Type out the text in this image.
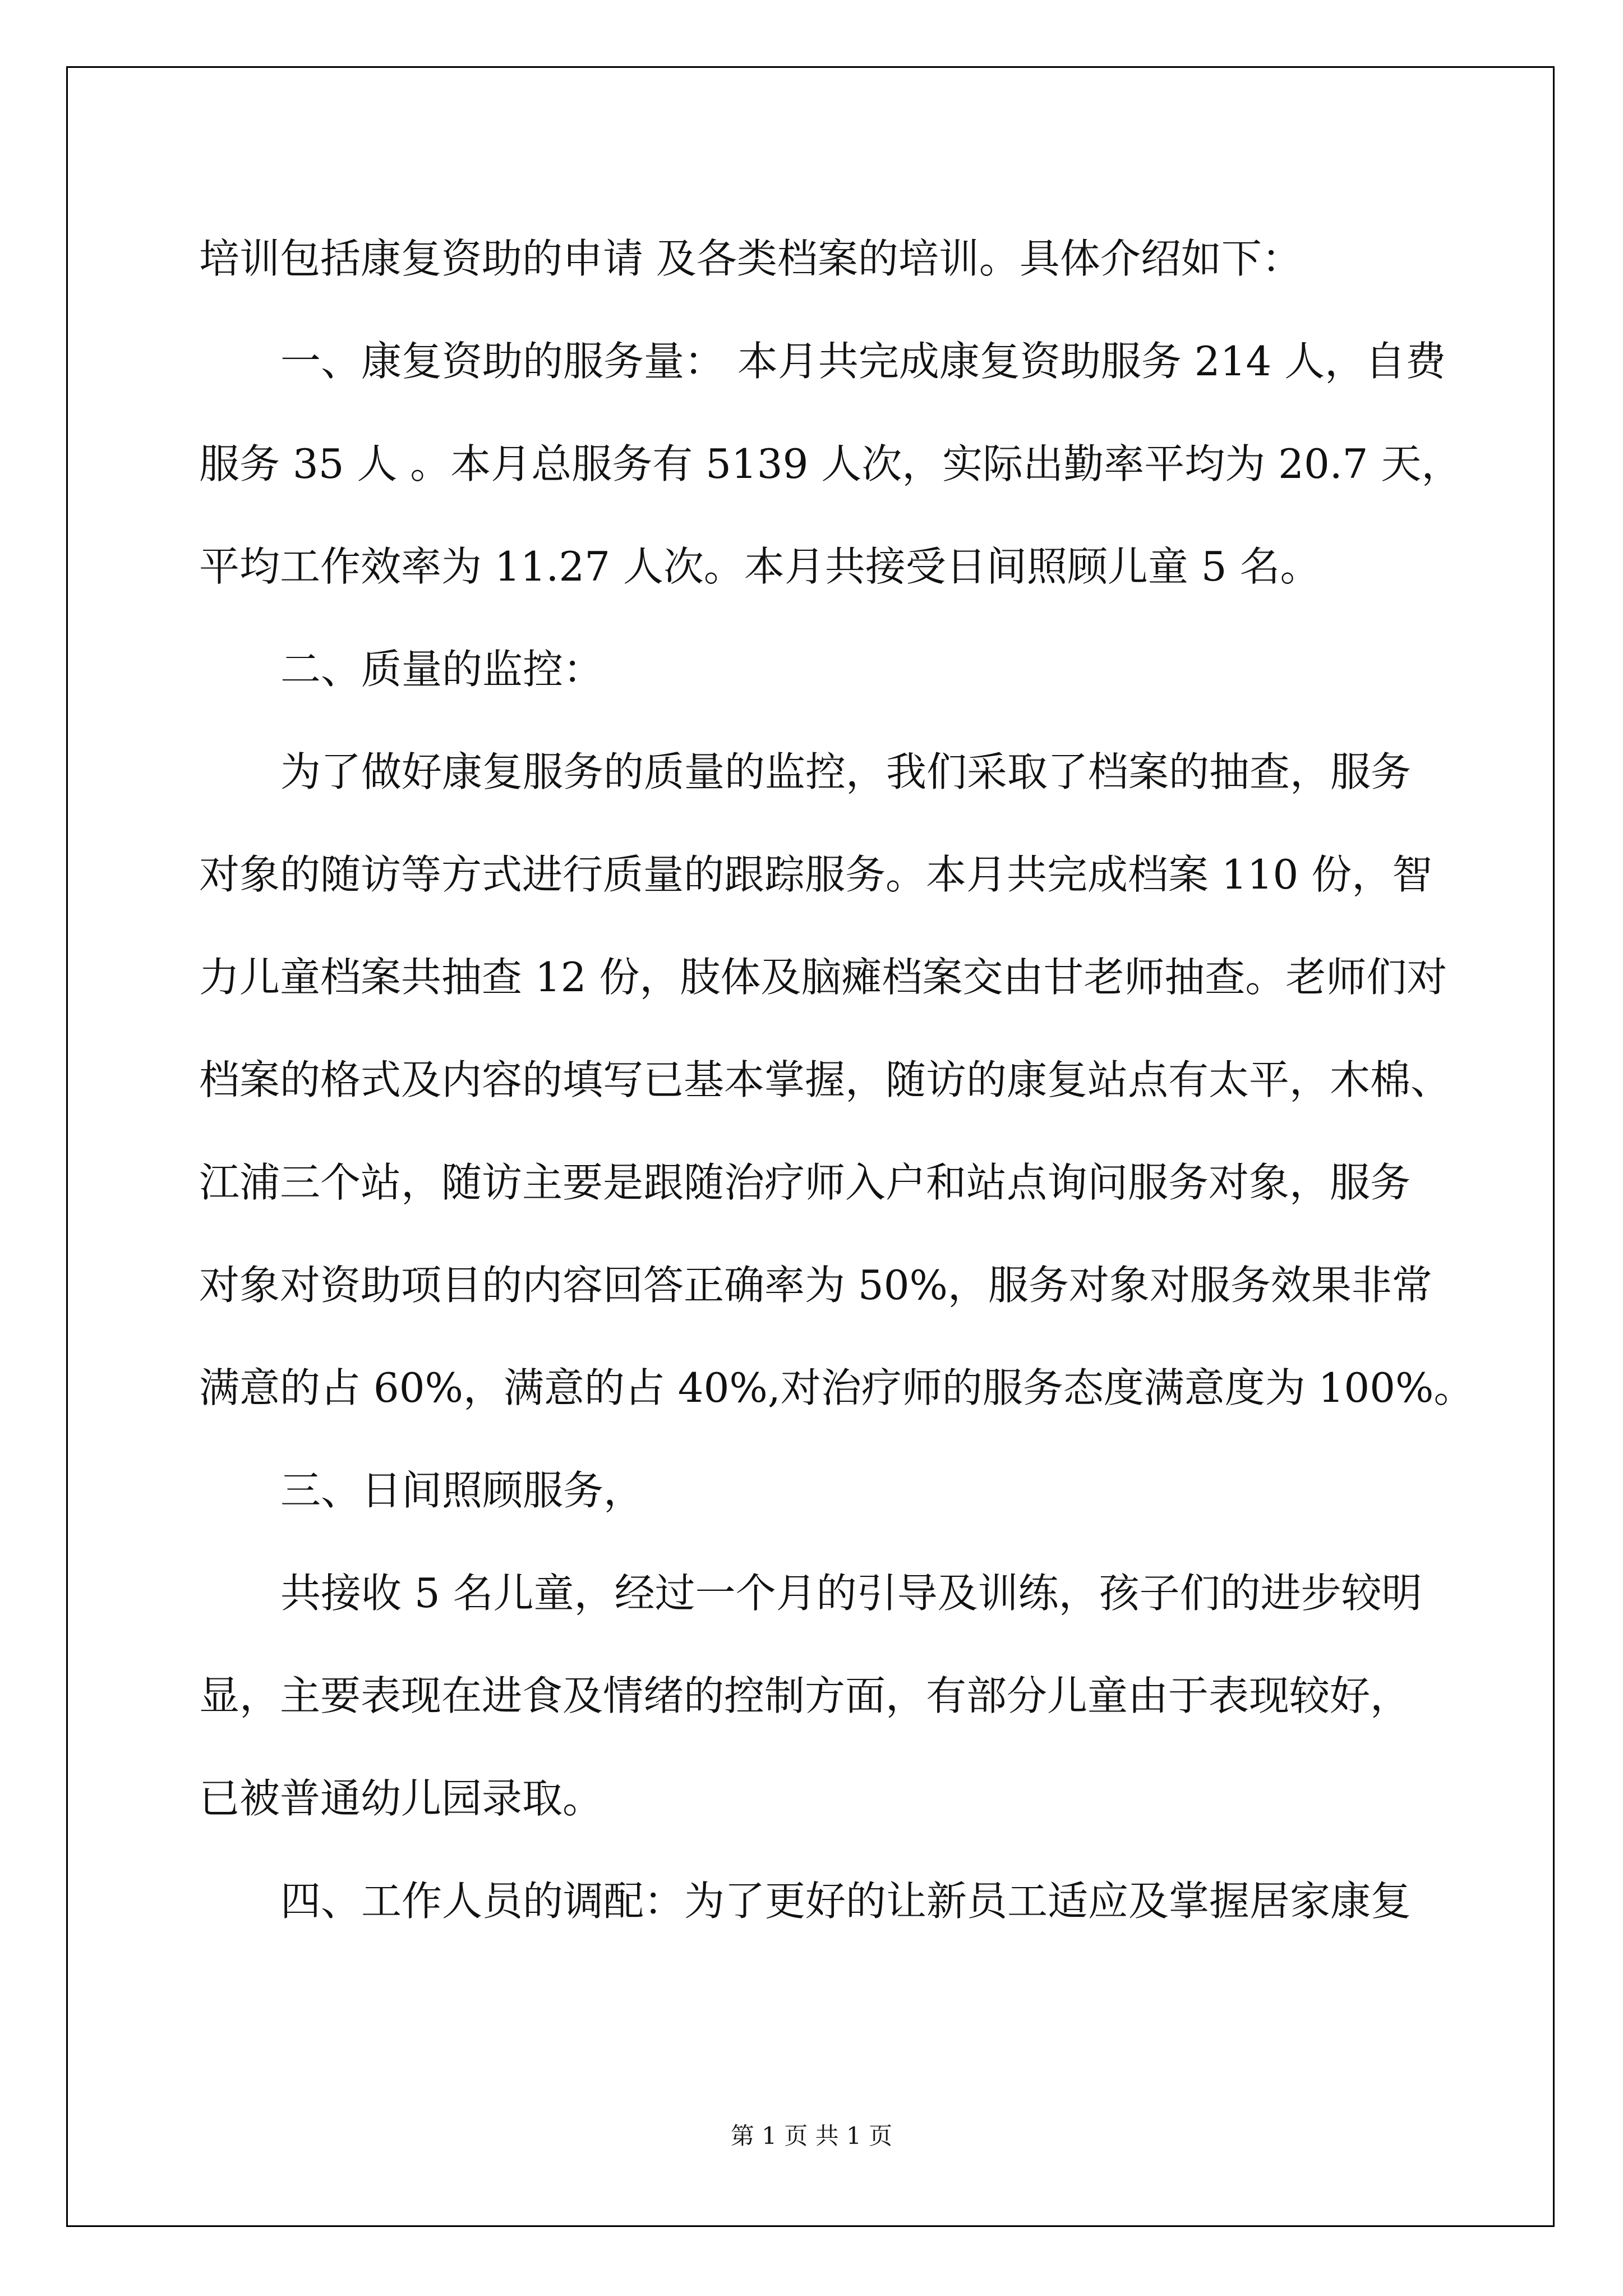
培训包括康复资助的申请 及各类档案的培训。具体介绍如下：
一、康复资助的服务量： 本月共完成康复资助服务 214 人，自费
服务 35 人 。本月总服务有 5139 人次，实际出勤率平均为 20.7 天，
平均工作效率为 11.27 人次。本月共接受日间照顾儿童 5 名。
二、质量的监控：
为了做好康复服务的质量的监控，我们采取了档案的抽查，服务
对象的随访等方式进行质量的跟踪服务。本月共完成档案 110 份，智
力儿童档案共抽查 12 份，肢体及脑瘫档案交由甘老师抽查。老师们对
档案的格式及内容的填写已基本掌握，随访的康复站点有太平，木棉、
江浦三个站，随访主要是跟随治疗师入户和站点询问服务对象，服务
对象对资助项目的内容回答正确率为 50%，服务对象对服务效果非常
满意的占 60%，满意的占 40%,对治疗师的服务态度满意度为 100%。
三、日间照顾服务，
共接收 5 名儿童，经过一个月的引导及训练，孩子们的进步较明
显，主要表现在进食及情绪的控制方面，有部分儿童由于表现较好，
已被普通幼儿园录取。
四、工作人员的调配：为了更好的让新员工适应及掌握居家康复
第 1 页 共 1 页
